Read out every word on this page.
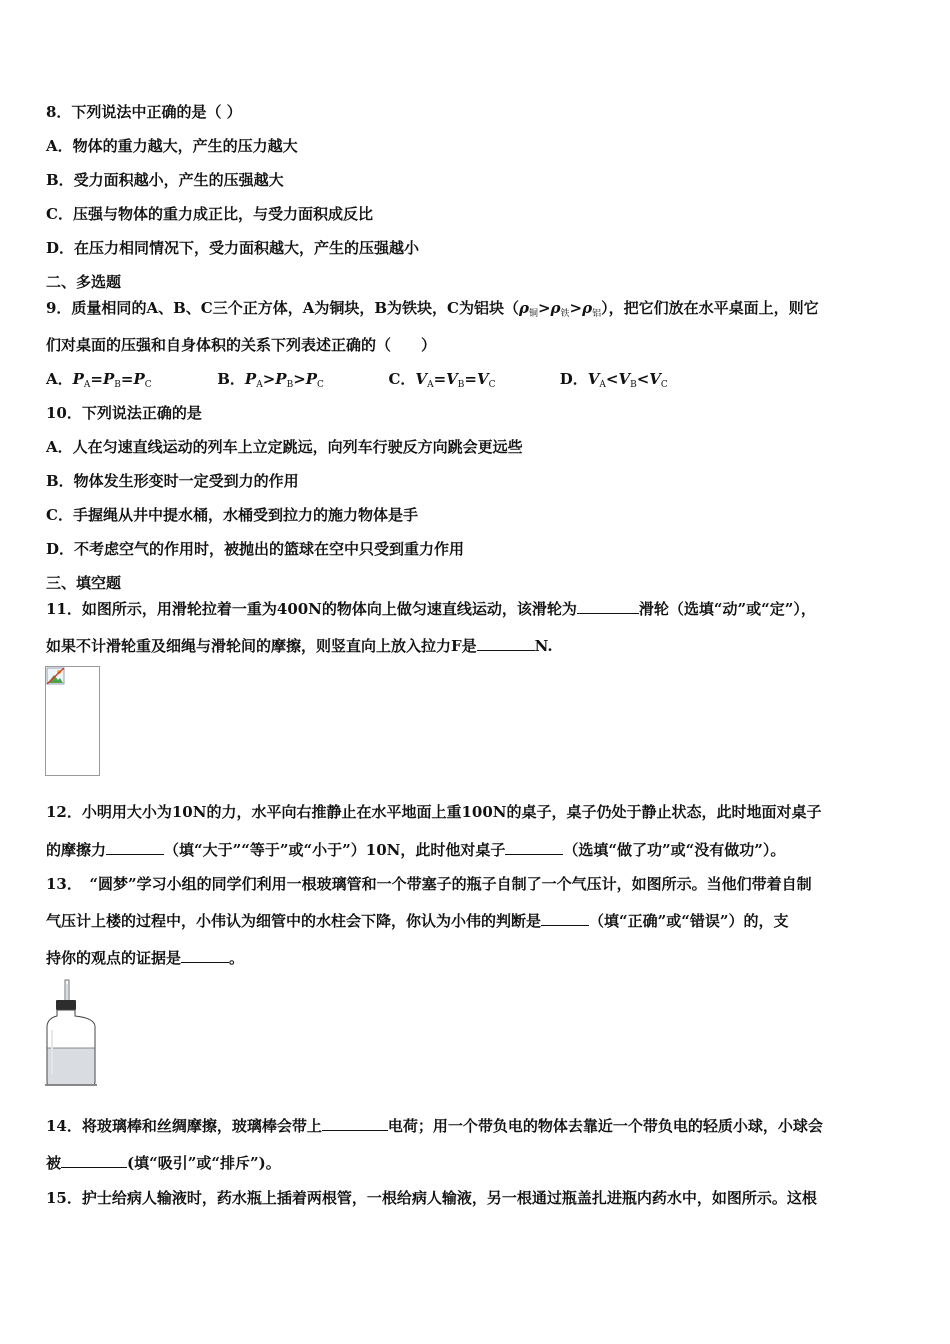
8．下列说法中正确的是（ ）
A．物体的重力越大，产生的压力越大
B．受力面积越小，产生的压强越大
C．压强与物体的重力成正比，与受力面积成反比
D．在压力相同情况下，受力面积越大，产生的压强越小
二、多选题
9．质量相同的A、B、C三个正方体，A为铜块，B为铁块，C为铝块$(\rho_铜>\rho_铁>\rho_铝)$，把它们放在水平桌面上，则它
们对桌面的压强和自身体积的关系下列表述正确的（　　）
A．$P_A=P_B=P_C$	B．$P_A>P_B>P_C$	C．$V_A=V_B=V_C$	D．$V_A<V_B<V_C$
10．下列说法正确的是
A．人在匀速直线运动的列车上立定跳远，向列车行驶反方向跳会更远些
B．物体发生形变时一定受到力的作用
C．手握绳从井中提水桶，水桶受到拉力的施力物体是手
D．不考虑空气的作用时，被抛出的篮球在空中只受到重力作用
三、填空题
11．如图所示，用滑轮拉着一重为400N的物体向上做匀速直线运动，该滑轮为	滑轮（选填“动”或“定”），
如果不计滑轮重及细绳与滑轮间的摩擦，则竖直向上放入拉力F是	N.
12．小明用大小为10N的力，水平向右推静止在水平地面上重100N的桌子，桌子仍处于静止状态，此时地面对桌子
的摩擦力	（填“大于”“等于”或“小于”）10N，此时他对桌子	（选填“做了功”或“没有做功”）。
13．　“圆梦”学习小组的同学们利用一根玻璃管和一个带塞子的瓶子自制了一个气压计，如图所示。当他们带着自制
气压计上楼的过程中，小伟认为细管中的水柱会下降，你认为小伟的判断是	（填“正确”或“错误”）的，支
持你的观点的证据是	。
14．将玻璃棒和丝绸摩擦，玻璃棒会带上	电荷；用一个带负电的物体去靠近一个带负电的轻质小球，小球会
被	(填“吸引”或“排斥”)。
15．护士给病人输液时，药水瓶上插着两根管，一根给病人输液，另一根通过瓶盖扎进瓶内药水中，如图所示。这根
